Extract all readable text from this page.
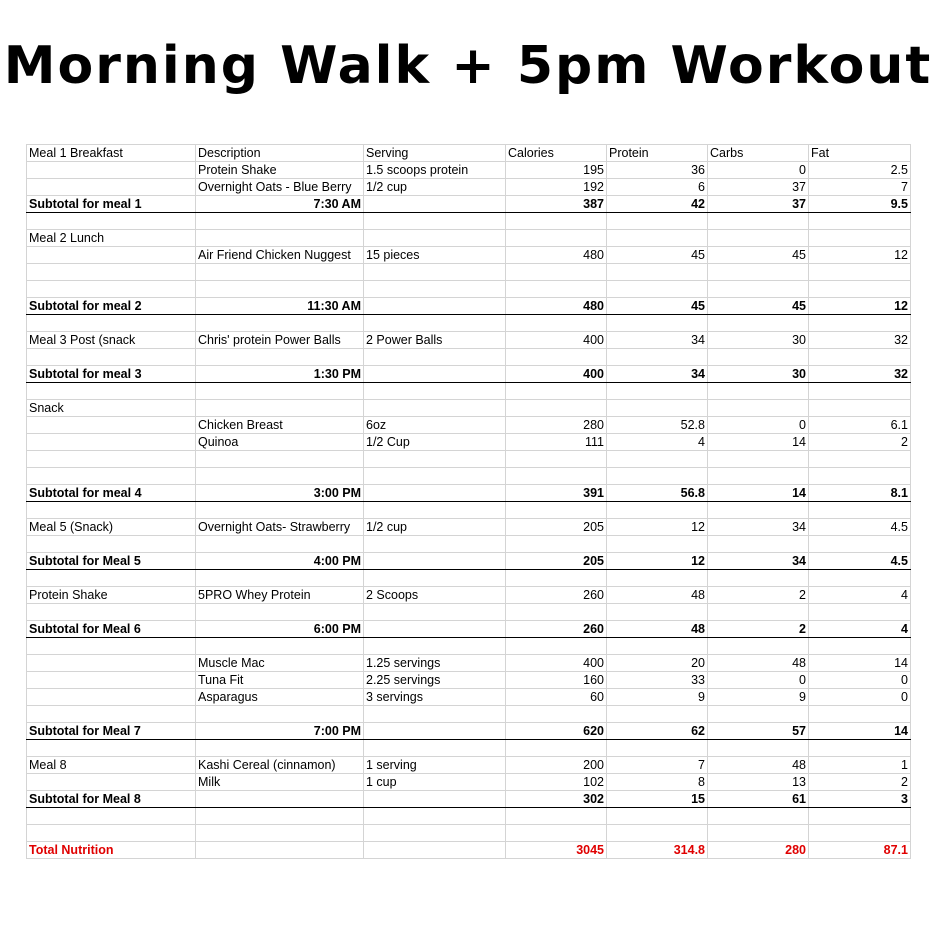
Morning Walk + 5pm Workout
Meal 1 Breakfast	Description	Serving	Calories	Protein	Carbs	Fat
	Protein Shake	1.5 scoops protein	195	36	0	2.5
	Overnight Oats - Blue Berry	1/2 cup	192	6	37	7
Subtotal for meal 1	7:30 AM		387	42	37	9.5

Meal 2 Lunch						
	Air Friend Chicken Nuggest	15 pieces	480	45	45	12

Subtotal for meal 2	11:30 AM		480	45	45	12

Meal 3 Post (snack	Chris' protein Power Balls	2 Power Balls	400	34	30	32

Subtotal for meal 3	1:30 PM		400	34	30	32

Snack						
	Chicken Breast	6oz	280	52.8	0	6.1
	Quinoa	1/2 Cup	111	4	14	2

Subtotal for meal 4	3:00 PM		391	56.8	14	8.1

Meal 5 (Snack)	Overnight Oats- Strawberry	1/2 cup	205	12	34	4.5

Subtotal for Meal 5	4:00 PM		205	12	34	4.5

Protein Shake	5PRO Whey Protein	2 Scoops	260	48	2	4

Subtotal for Meal 6	6:00 PM		260	48	2	4

	Muscle Mac	1.25 servings	400	20	48	14
	Tuna Fit	2.25 servings	160	33	0	0
	Asparagus	3 servings	60	9	9	0

Subtotal for Meal 7	7:00 PM		620	62	57	14

Meal 8	Kashi Cereal (cinnamon)	1 serving	200	7	48	1
	Milk	1 cup	102	8	13	2
Subtotal for Meal 8			302	15	61	3

Total Nutrition			3045	314.8	280	87.1
